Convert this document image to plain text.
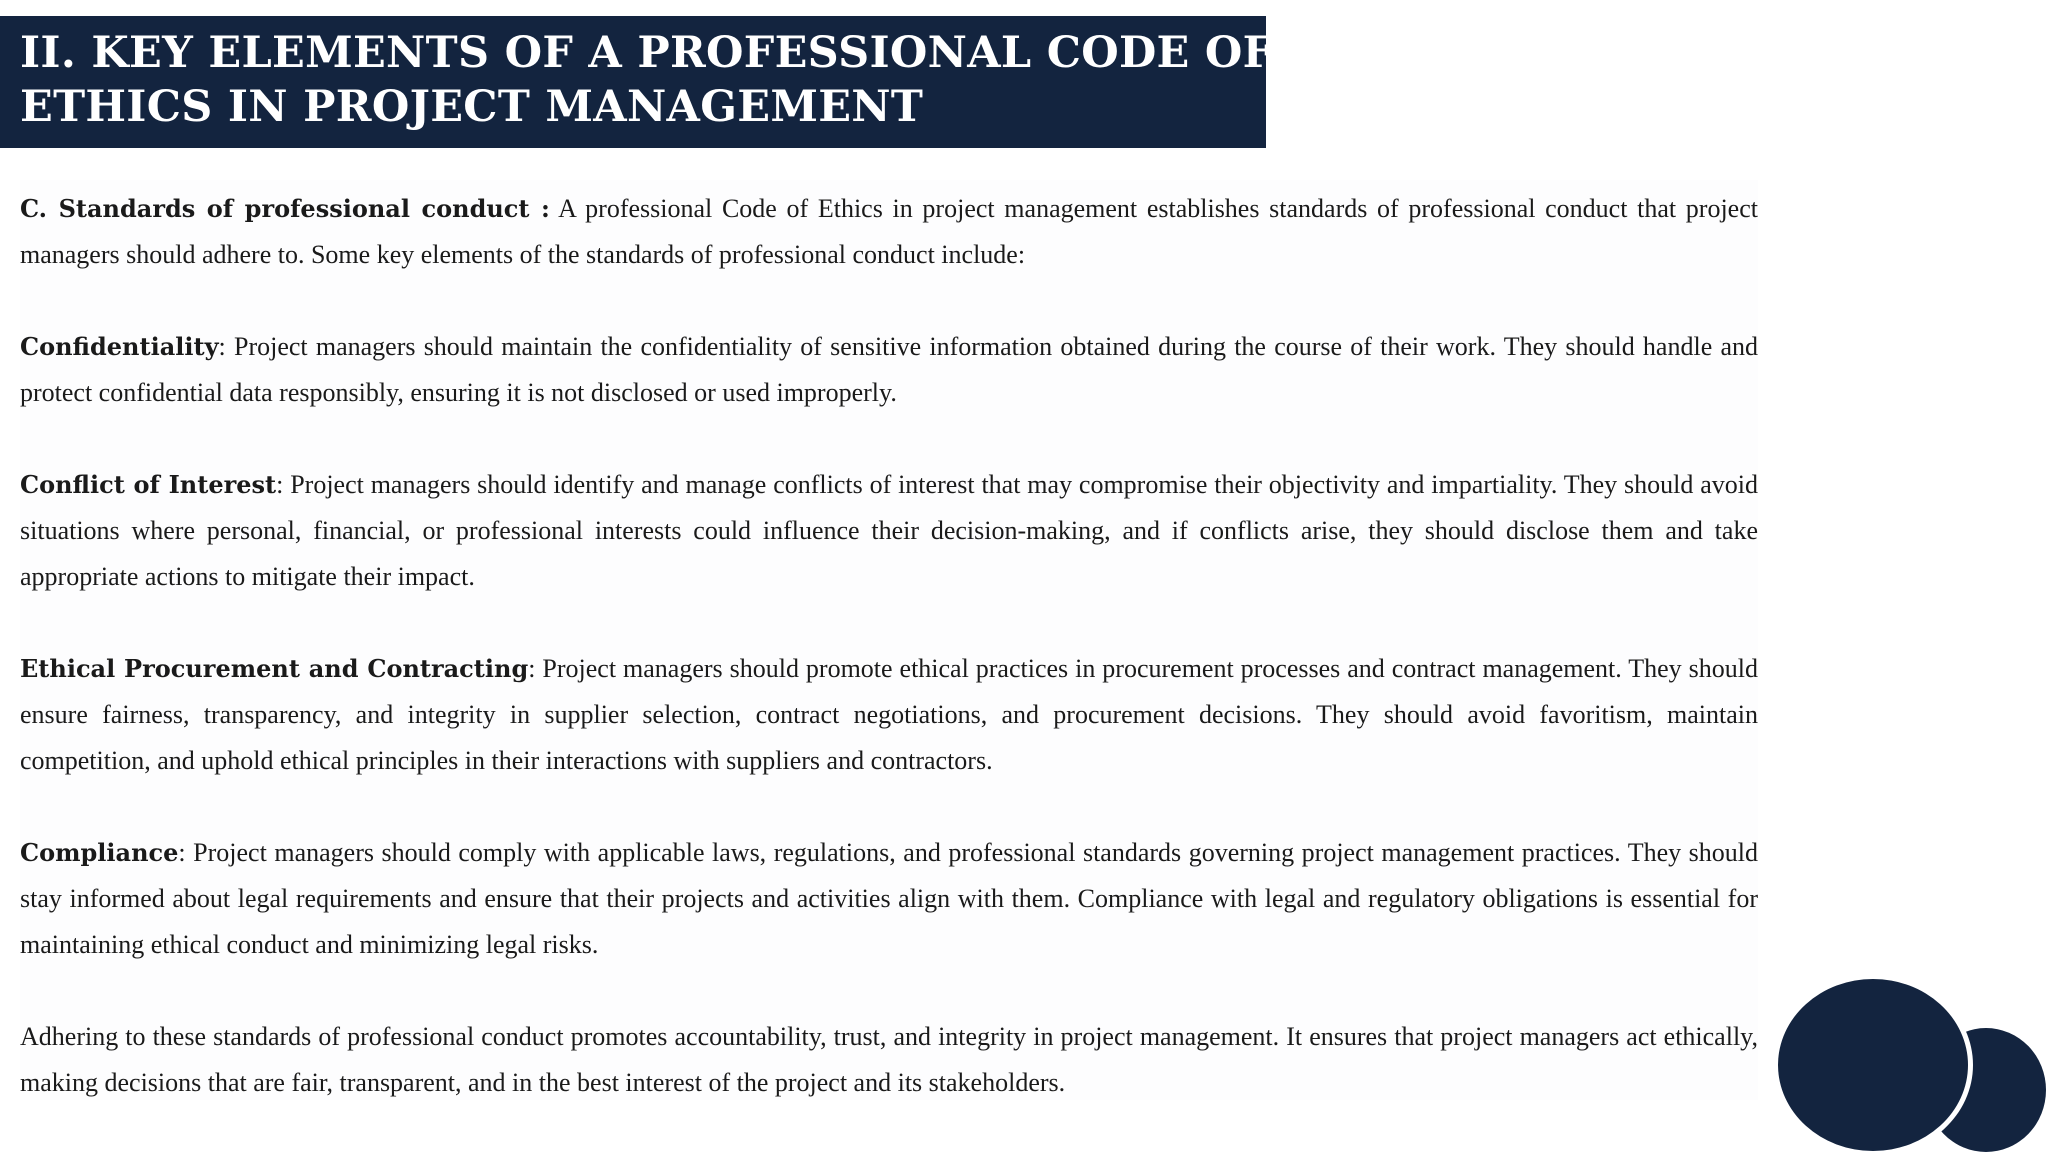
II. KEY ELEMENTS OF A PROFESSIONAL CODE OF
ETHICS IN PROJECT MANAGEMENT

C. Standards of professional conduct : A professional Code of Ethics in project management establishes standards of professional conduct that project managers should adhere to. Some key elements of the standards of professional conduct include:

Confidentiality: Project managers should maintain the confidentiality of sensitive information obtained during the course of their work. They should handle and protect confidential data responsibly, ensuring it is not disclosed or used improperly.

Conflict of Interest: Project managers should identify and manage conflicts of interest that may compromise their objectivity and impartiality. They should avoid situations where personal, financial, or professional interests could influence their decision-making, and if conflicts arise, they should disclose them and take appropriate actions to mitigate their impact.

Ethical Procurement and Contracting: Project managers should promote ethical practices in procurement processes and contract management. They should ensure fairness, transparency, and integrity in supplier selection, contract negotiations, and procurement decisions. They should avoid favoritism, maintain competition, and uphold ethical principles in their interactions with suppliers and contractors.

Compliance: Project managers should comply with applicable laws, regulations, and professional standards governing project management practices. They should stay informed about legal requirements and ensure that their projects and activities align with them. Compliance with legal and regulatory obligations is essential for maintaining ethical conduct and minimizing legal risks.

Adhering to these standards of professional conduct promotes accountability, trust, and integrity in project management. It ensures that project managers act ethically, making decisions that are fair, transparent, and in the best interest of the project and its stakeholders.
